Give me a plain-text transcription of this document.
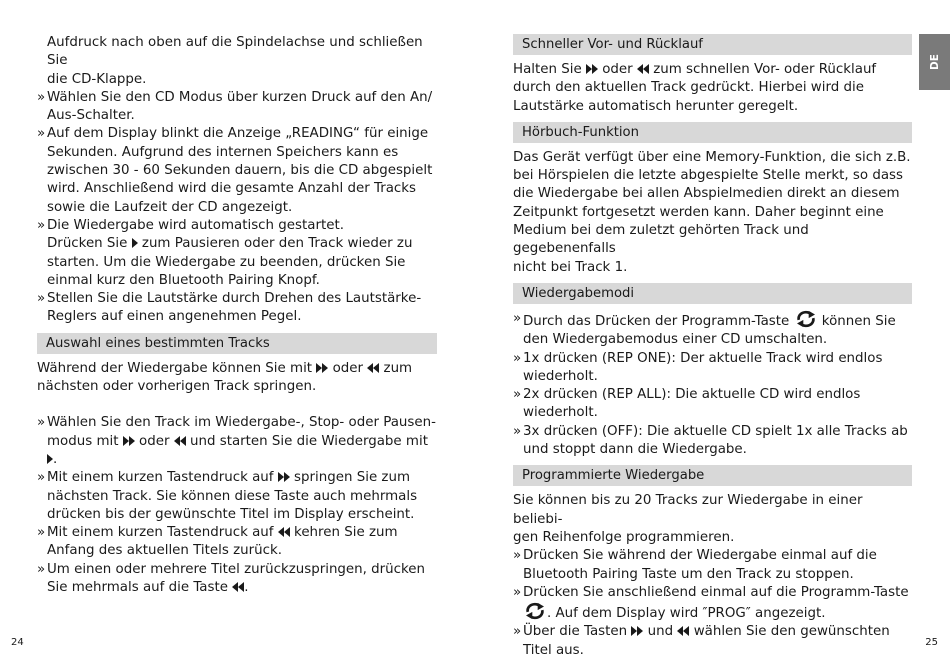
Aufdruck nach oben auf die Spindelachse und schließen Sie

die CD-Klappe.

» Wählen Sie den CD Modus über kurzen Druck auf den An/

Aus-Schalter.

» Auf dem Display blinkt die Anzeige „READING“ für einige

Sekunden. Aufgrund des internen Speichers kann es

zwischen 30 - 60 Sekunden dauern, bis die CD abgespielt

wird. Anschließend wird die gesamte Anzahl der Tracks

sowie die Laufzeit der CD angezeigt.

» Die Wiedergabe wird automatisch gestartet.

Drücken Sie zum Pausieren oder den Track wieder zu

starten. Um die Wiedergabe zu beenden, drücken Sie

einmal kurz den Bluetooth Pairing Knopf.

» Stellen Sie die Lautstärke durch Drehen des Lautstärke-

Reglers auf einen angenehmen Pegel.

Auswahl eines bestimmten Tracks

Während der Wiedergabe können Sie mit oder zum

nächsten oder vorherigen Track springen.

» Wählen Sie den Track im Wiedergabe-, Stop- oder Pausen-

modus mit oder und starten Sie die Wiedergabe mit .

» Mit einem kurzen Tastendruck auf springen Sie zum

nächsten Track. Sie können diese Taste auch mehrmals

drücken bis der gewünschte Titel im Display erscheint.

» Mit einem kurzen Tastendruck auf kehren Sie zum

Anfang des aktuellen Titels zurück.

» Um einen oder mehrere Titel zurückzuspringen, drücken

Sie mehrmals auf die Taste .

Schneller Vor- und Rücklauf

Halten Sie oder zum schnellen Vor- oder Rücklauf

durch den aktuellen Track gedrückt. Hierbei wird die

Lautstärke automatisch herunter geregelt.

Hörbuch-Funktion

Das Gerät verfügt über eine Memory-Funktion, die sich z.B.

bei Hörspielen die letzte abgespielte Stelle merkt, so dass

die Wiedergabe bei allen Abspielmedien direkt an diesem

Zeitpunkt fortgesetzt werden kann. Daher beginnt eine

Medium bei dem zuletzt gehörten Track und gegebenenfalls

nicht bei Track 1.

Wiedergabemodi

» Durch das Drücken der Programm-Taste können Sie

den Wiedergabemodus einer CD umschalten.

» 1x drücken (REP ONE): Der aktuelle Track wird endlos

wiederholt.

» 2x drücken (REP ALL): Die aktuelle CD wird endlos

wiederholt.

» 3x drücken (OFF): Die aktuelle CD spielt 1x alle Tracks ab

und stoppt dann die Wiedergabe.

Programmierte Wiedergabe

Sie können bis zu 20 Tracks zur Wiedergabe in einer beliebi-

gen Reihenfolge programmieren.

» Drücken Sie während der Wiedergabe einmal auf die

Bluetooth Pairing Taste um den Track zu stoppen.

» Drücken Sie anschließend einmal auf die Programm-Taste

. Auf dem Display wird ″PROG″ angezeigt.

» Über die Tasten und wählen Sie den gewünschten

Titel aus.

DE
24	25
